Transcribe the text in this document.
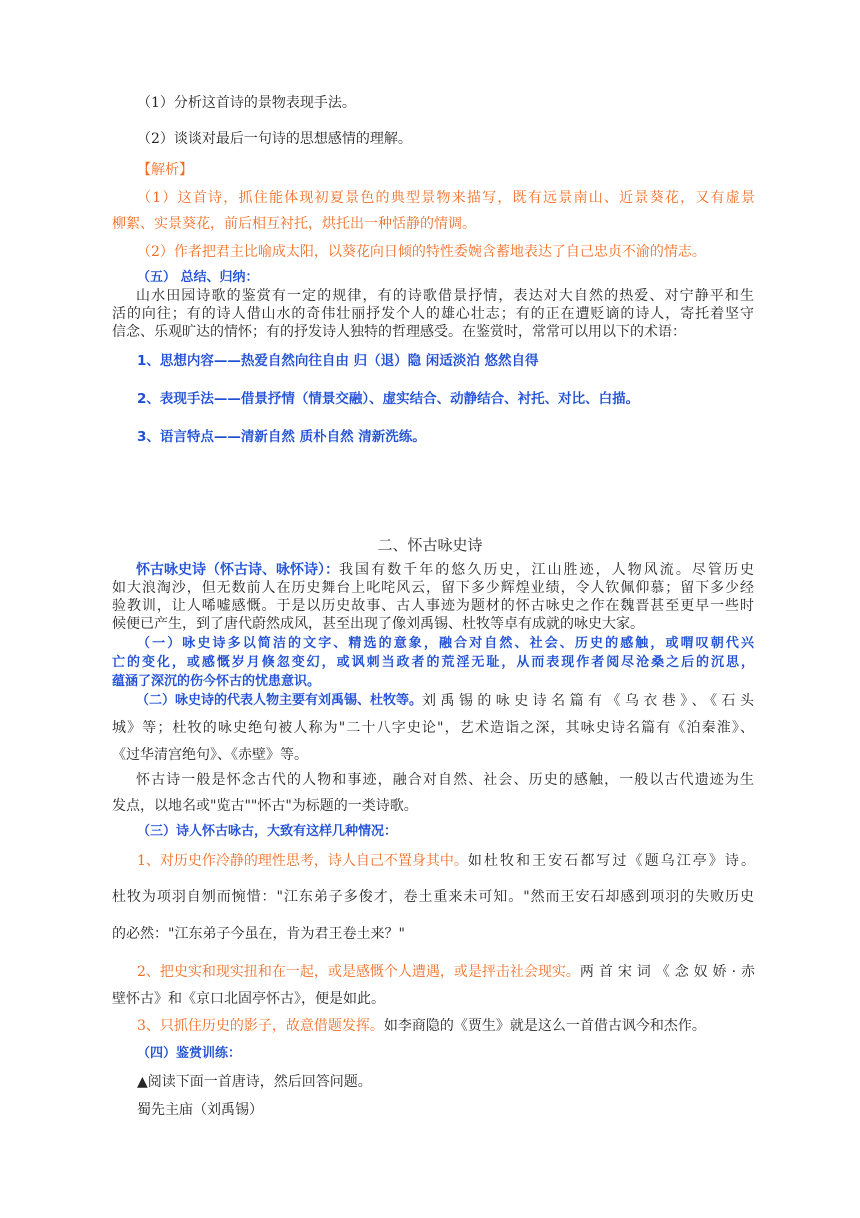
（1）分析这首诗的景物表现手法。
（2）谈谈对最后一句诗的思想感情的理解。
【解析】
（1）这首诗，抓住能体现初夏景色的典型景物来描写，既有远景南山、近景葵花，又有虚景
柳絮、实景葵花，前后相互衬托，烘托出一种恬静的情调。
（2）作者把君主比喻成太阳，以葵花向日倾的特性委婉含蓄地表达了自己忠贞不渝的情志。
（五） 总结、归纳：
山水田园诗歌的鉴赏有一定的规律，有的诗歌借景抒情，表达对大自然的热爱、对宁静平和生
活的向往；有的诗人借山水的奇伟壮丽抒发个人的雄心壮志；有的正在遭贬谪的诗人，寄托着坚守
信念、乐观旷达的情怀；有的抒发诗人独特的哲理感受。在鉴赏时，常常可以用以下的术语：
1、思想内容——热爱自然向往自由 归（退）隐 闲适淡泊 悠然自得
2、表现手法——借景抒情（情景交融）、虚实结合、动静结合、衬托、对比、白描。
3、语言特点——清新自然 质朴自然 清新洗练。
二、怀古咏史诗
怀古咏史诗（怀古诗、咏怀诗）： 我国有数千年的悠久历史，江山胜迹，人物风流。尽管历史
如大浪淘沙，但无数前人在历史舞台上叱咤风云，留下多少辉煌业绩，令人钦佩仰慕；留下多少经
验教训，让人唏嘘感慨。于是以历史故事、古人事迹为题材的怀古咏史之作在魏晋甚至更早一些时
候便已产生，到了唐代蔚然成风，甚至出现了像刘禹锡、杜牧等卓有成就的咏史大家。
（一）咏史诗多以简洁的文字、精选的意象，融合对自然、社会、历史的感触，或喟叹朝代兴
亡的变化，或感慨岁月倏忽变幻，或讽刺当政者的荒淫无耻，从而表现作者阅尽沧桑之后的沉思，
蕴涵了深沉的伤今怀古的忧患意识。
（二）咏史诗的代表人物主要有刘禹锡、杜牧等。 刘禹锡的咏史诗名篇有《乌衣巷》、《石头
城》等；杜牧的咏史绝句被人称为"二十八字史论"，艺术造诣之深，其咏史诗名篇有《泊秦淮》、
《过华清宫绝句》、《赤壁》等。
怀古诗一般是怀念古代的人物和事迹，融合对自然、社会、历史的感触，一般以古代遗迹为生
发点，以地名或"览古""怀古"为标题的一类诗歌。
（三）诗人怀古咏古，大致有这样几种情况：
1、对历史作冷静的理性思考，诗人自己不置身其中。 如杜牧和王安石都写过《题乌江亭》诗。
杜牧为项羽自刎而惋惜："江东弟子多俊才，卷土重来未可知。"然而王安石却感到项羽的失败历史
的必然："江东弟子今虽在，肯为君王卷土来？"
2、把史实和现实扭和在一起，或是感慨个人遭遇，或是抨击社会现实。 两首宋词《念奴娇·赤
壁怀古》和《京口北固亭怀古》，便是如此。
3、只抓住历史的影子，故意借题发挥。如李商隐的《贾生》就是这么一首借古讽今和杰作。
（四）鉴赏训练：
▲阅读下面一首唐诗，然后回答问题。
蜀先主庙（刘禹锡）
